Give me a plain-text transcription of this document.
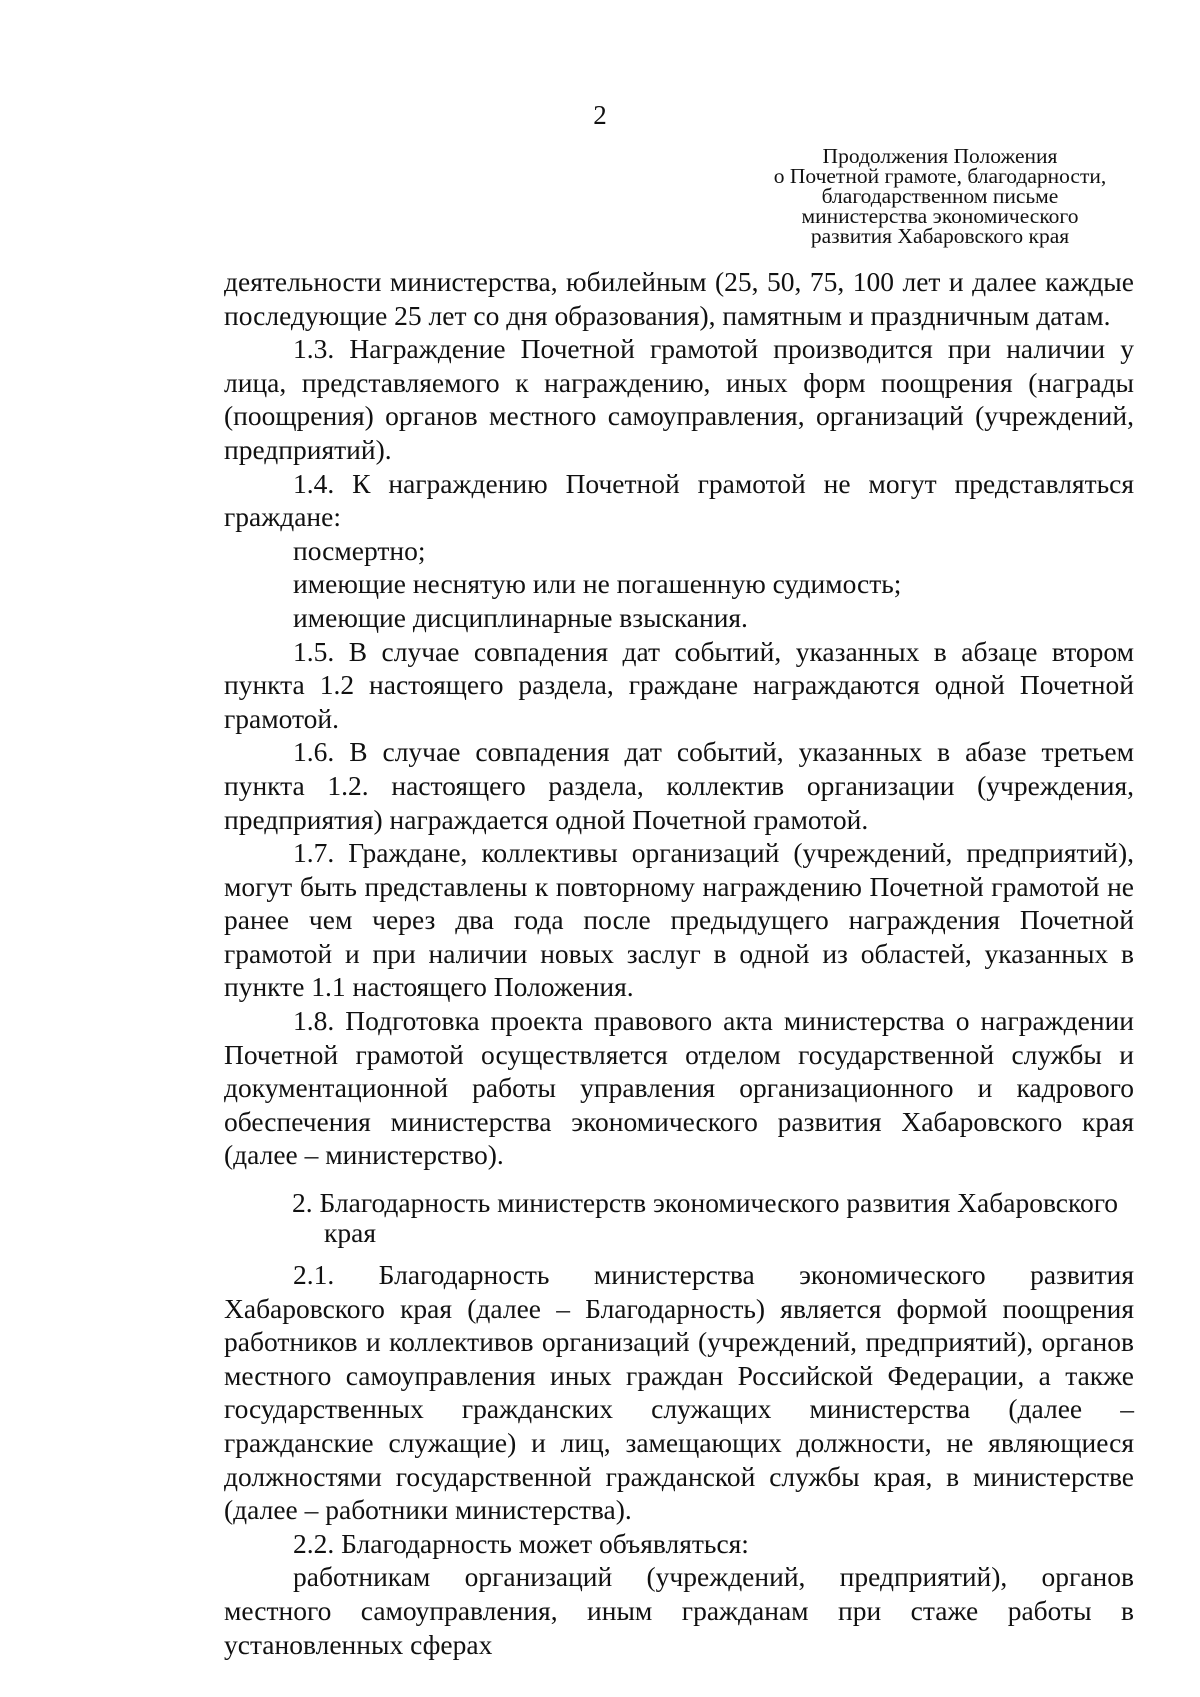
2
Продолжения Положения
о Почетной грамоте, благодарности,
благодарственном письме
министерства экономического
развития Хабаровского края

деятельности министерства, юбилейным (25, 50, 75, 100 лет и далее каждые последующие 25 лет со дня образования), памятным и праздничным датам.

1.3. Награждение Почетной грамотой производится при наличии у лица, представляемого к награждению, иных форм поощрения (награды (поощрения) органов местного самоуправления, организаций (учреждений, предприятий).

1.4. К награждению Почетной грамотой не могут представляться граждане:

посмертно;

имеющие неснятую или не погашенную судимость;

имеющие дисциплинарные взыскания.

1.5. В случае совпадения дат событий, указанных в абзаце втором пункта 1.2 настоящего раздела, граждане награждаются одной Почетной грамотой.

1.6. В случае совпадения дат событий, указанных в абазе третьем пункта 1.2. настоящего раздела, коллектив организации (учреждения, предприятия) награждается одной Почетной грамотой.

1.7. Граждане, коллективы организаций (учреждений, предприятий), могут быть представлены к повторному награждению Почетной грамотой не ранее чем через два года после предыдущего награждения Почетной грамотой и при наличии новых заслуг в одной из областей, указанных в пункте 1.1 настоящего Положения.

1.8. Подготовка проекта правового акта министерства о награждении Почетной грамотой осуществляется отделом государственной службы и документационной работы управления организационного и кадрового обеспечения министерства экономического развития Хабаровского края (далее – министерство).

2. Благодарность министерств экономического развития Хабаровского
края

2.1. Благодарность министерства экономического развития Хабаровского края (далее – Благодарность) является формой поощрения работников и коллективов организаций (учреждений, предприятий), органов местного самоуправления иных граждан Российской Федерации, а также государственных гражданских служащих министерства (далее – гражданские служащие) и лиц, замещающих должности, не являющиеся должностями государственной гражданской службы края, в министерстве (далее – работники министерства).

2.2. Благодарность может объявляться:

работникам организаций (учреждений, предприятий), органов местного самоуправления, иным гражданам при стаже работы в установленных сферах
